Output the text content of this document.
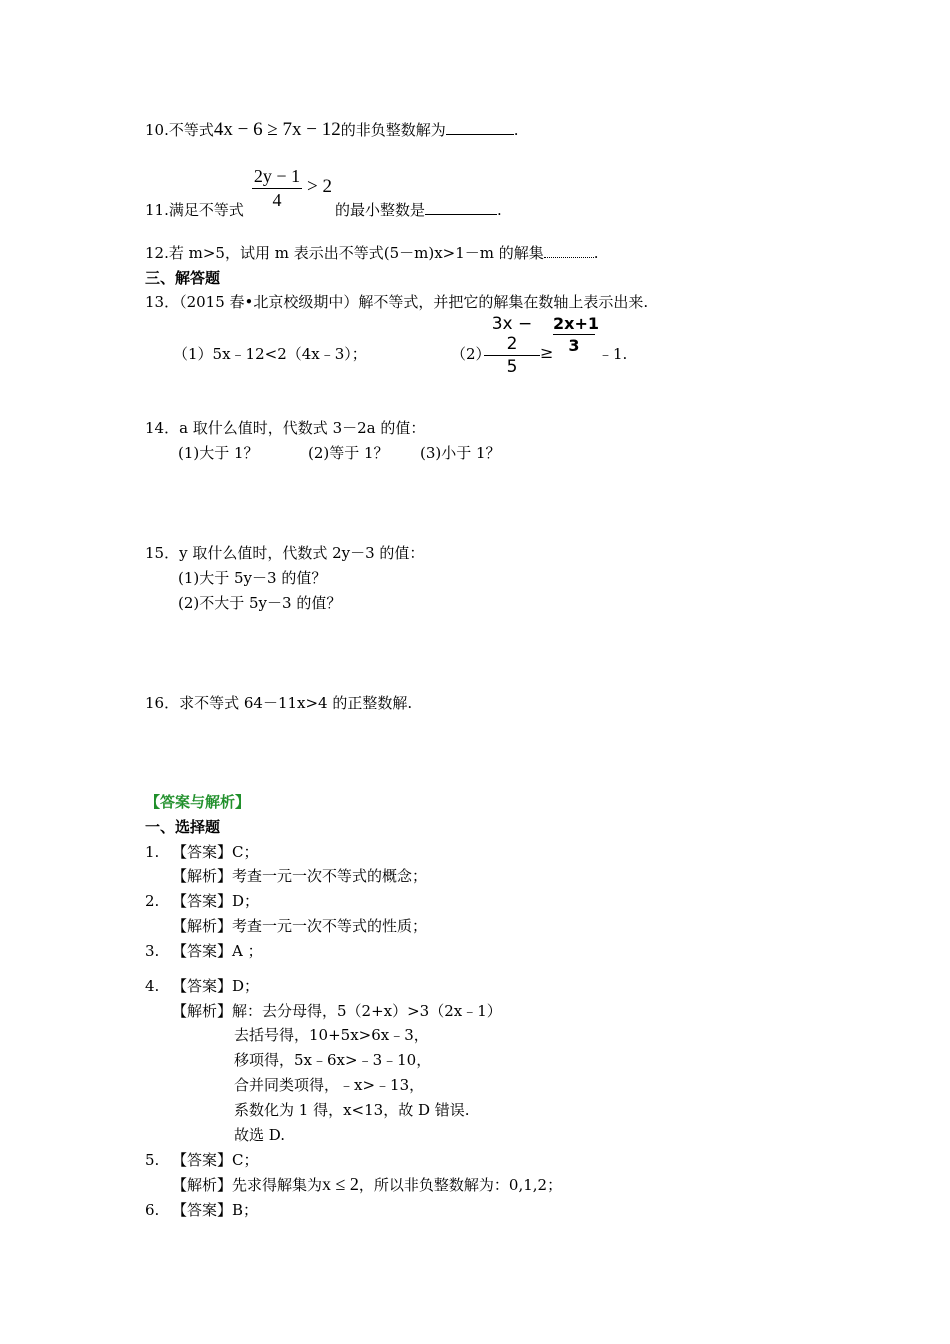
10.不等式4x − 6 ≥ 7x − 12的非负整数解为	.
11.满足不等式
2y − 1
4
> 2
的最小整数是	.
12.若 m>5，试用 m 表示出不等式(5－m)x>1－m 的解集	.
三、解答题
13．（2015 春•北京校级期中）解不等式，并把它的解集在数轴上表示出来.
（1）5x﹣12<2（4x﹣3）；	（2）
3x − 2
5
≥
2x+1
3	﹣1.
14．a 取什么值时，代数式 3－2a 的值：
(1)大于 1？	(2)等于 1？ (3)小于 1？
15．y 取什么值时，代数式 2y－3 的值：
(1)大于 5y－3 的值？
(2)不大于 5y－3 的值？
16．求不等式 64－11x>4 的正整数解.
【答案与解析】
一、选择题
1. 【答案】C；
【解析】考查一元一次不等式的概念；
2. 【答案】D；
【解析】考查一元一次不等式的性质；
3. 【答案】A ；
4. 【答案】D；
【解析】解：去分母得，5（2+x）>3（2x﹣1）
去括号得，10+5x>6x﹣3，
移项得，5x﹣6x>﹣3﹣10，
合并同类项得，﹣x>﹣13，
系数化为 1 得，x<13，故 D 错误.
故选 D.
5. 【答案】C；
【解析】先求得解集为x ≤ 2，所以非负整数解为：0,1,2；
6. 【答案】B；
